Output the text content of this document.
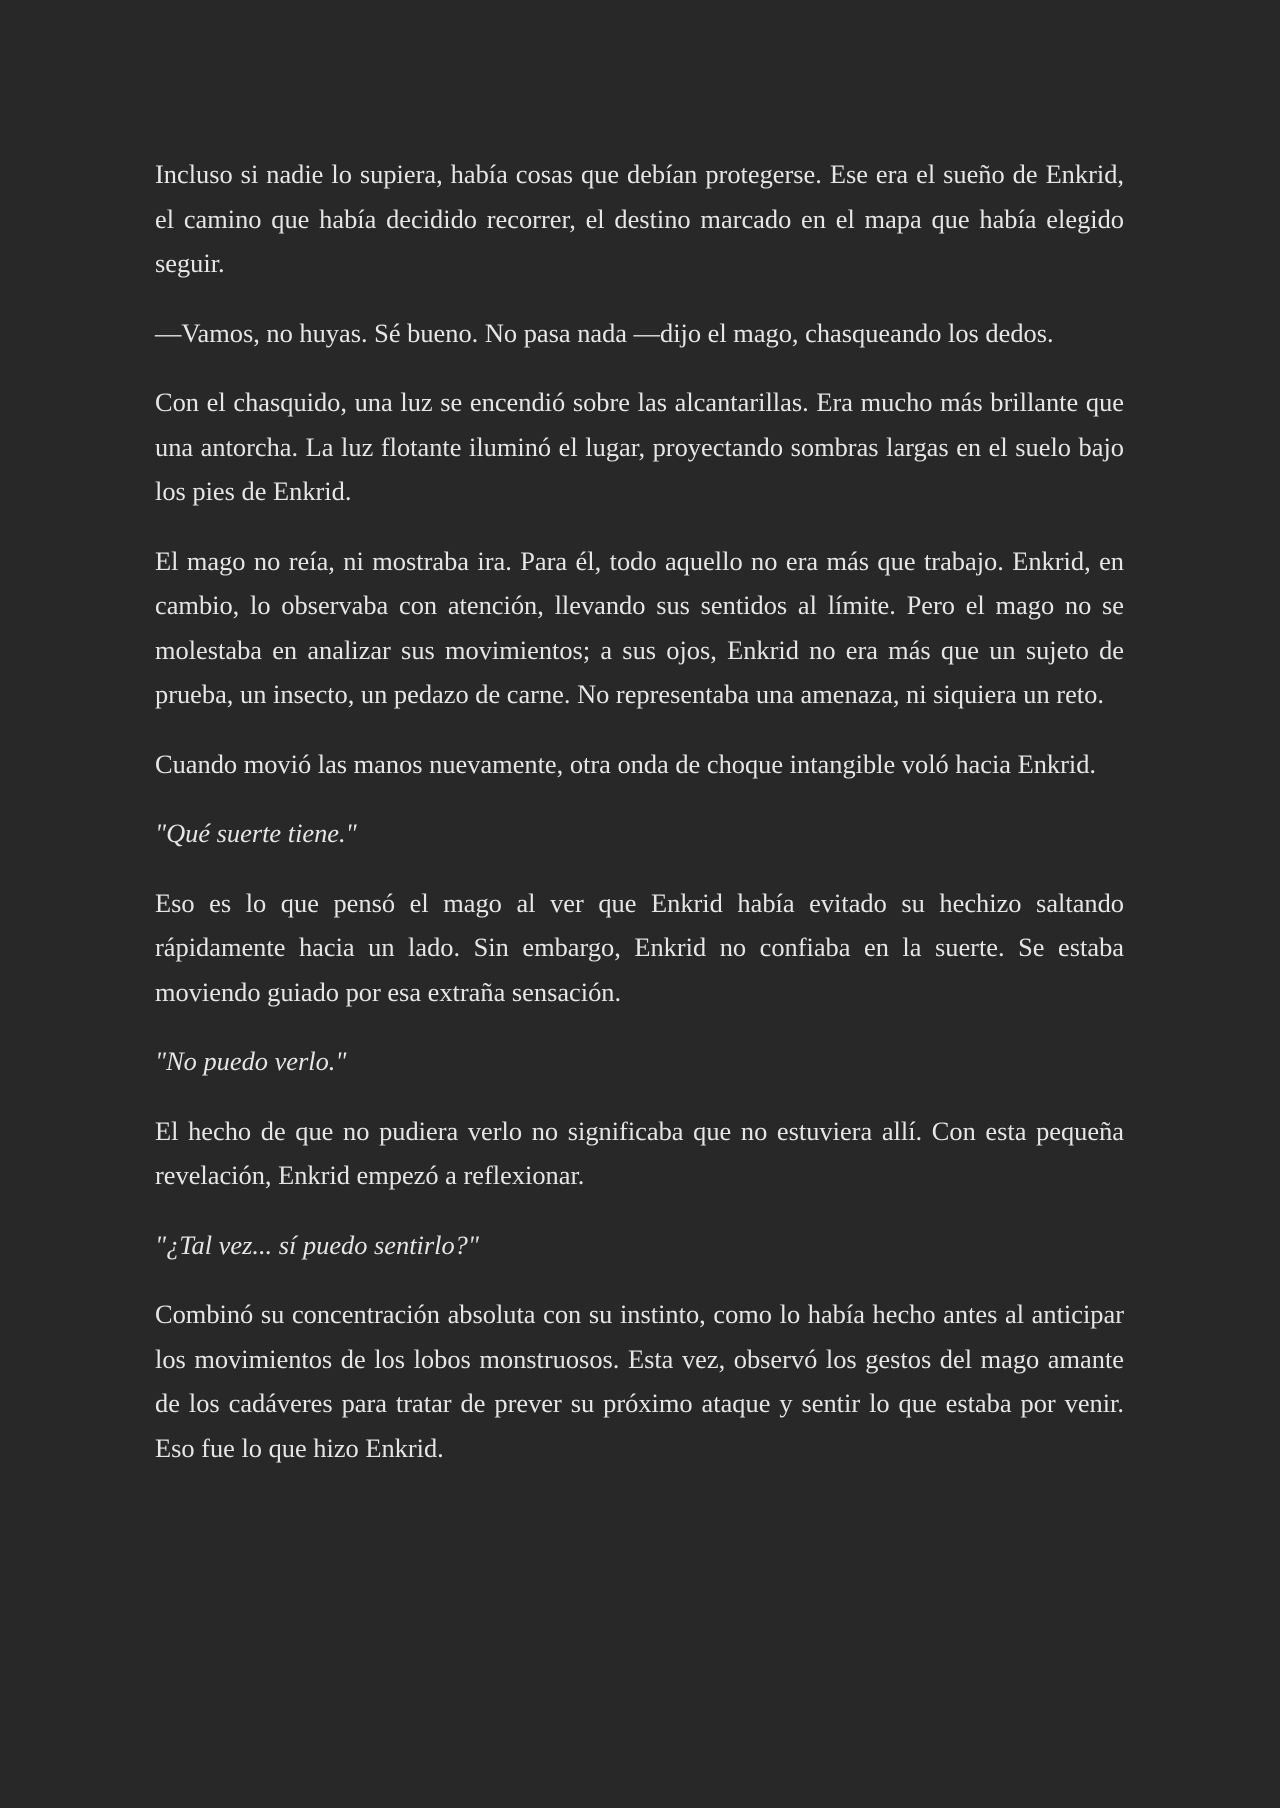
Incluso si nadie lo supiera, había cosas que debían protegerse. Ese era el sueño de Enkrid, el camino que había decidido recorrer, el destino marcado en el mapa que había elegido seguir.

—Vamos, no huyas. Sé bueno. No pasa nada —dijo el mago, chasqueando los dedos.

Con el chasquido, una luz se encendió sobre las alcantarillas. Era mucho más brillante que una antorcha. La luz flotante iluminó el lugar, proyectando sombras largas en el suelo bajo los pies de Enkrid.

El mago no reía, ni mostraba ira. Para él, todo aquello no era más que trabajo. Enkrid, en cambio, lo observaba con atención, llevando sus sentidos al límite. Pero el mago no se molestaba en analizar sus movimientos; a sus ojos, Enkrid no era más que un sujeto de prueba, un insecto, un pedazo de carne. No representaba una amenaza, ni siquiera un reto.

Cuando movió las manos nuevamente, otra onda de choque intangible voló hacia Enkrid.

"Qué suerte tiene."

Eso es lo que pensó el mago al ver que Enkrid había evitado su hechizo saltando rápidamente hacia un lado. Sin embargo, Enkrid no confiaba en la suerte. Se estaba moviendo guiado por esa extraña sensación.

"No puedo verlo."

El hecho de que no pudiera verlo no significaba que no estuviera allí. Con esta pequeña revelación, Enkrid empezó a reflexionar.

"¿Tal vez... sí puedo sentirlo?"

Combinó su concentración absoluta con su instinto, como lo había hecho antes al anticipar los movimientos de los lobos monstruosos. Esta vez, observó los gestos del mago amante de los cadáveres para tratar de prever su próximo ataque y sentir lo que estaba por venir. Eso fue lo que hizo Enkrid.
